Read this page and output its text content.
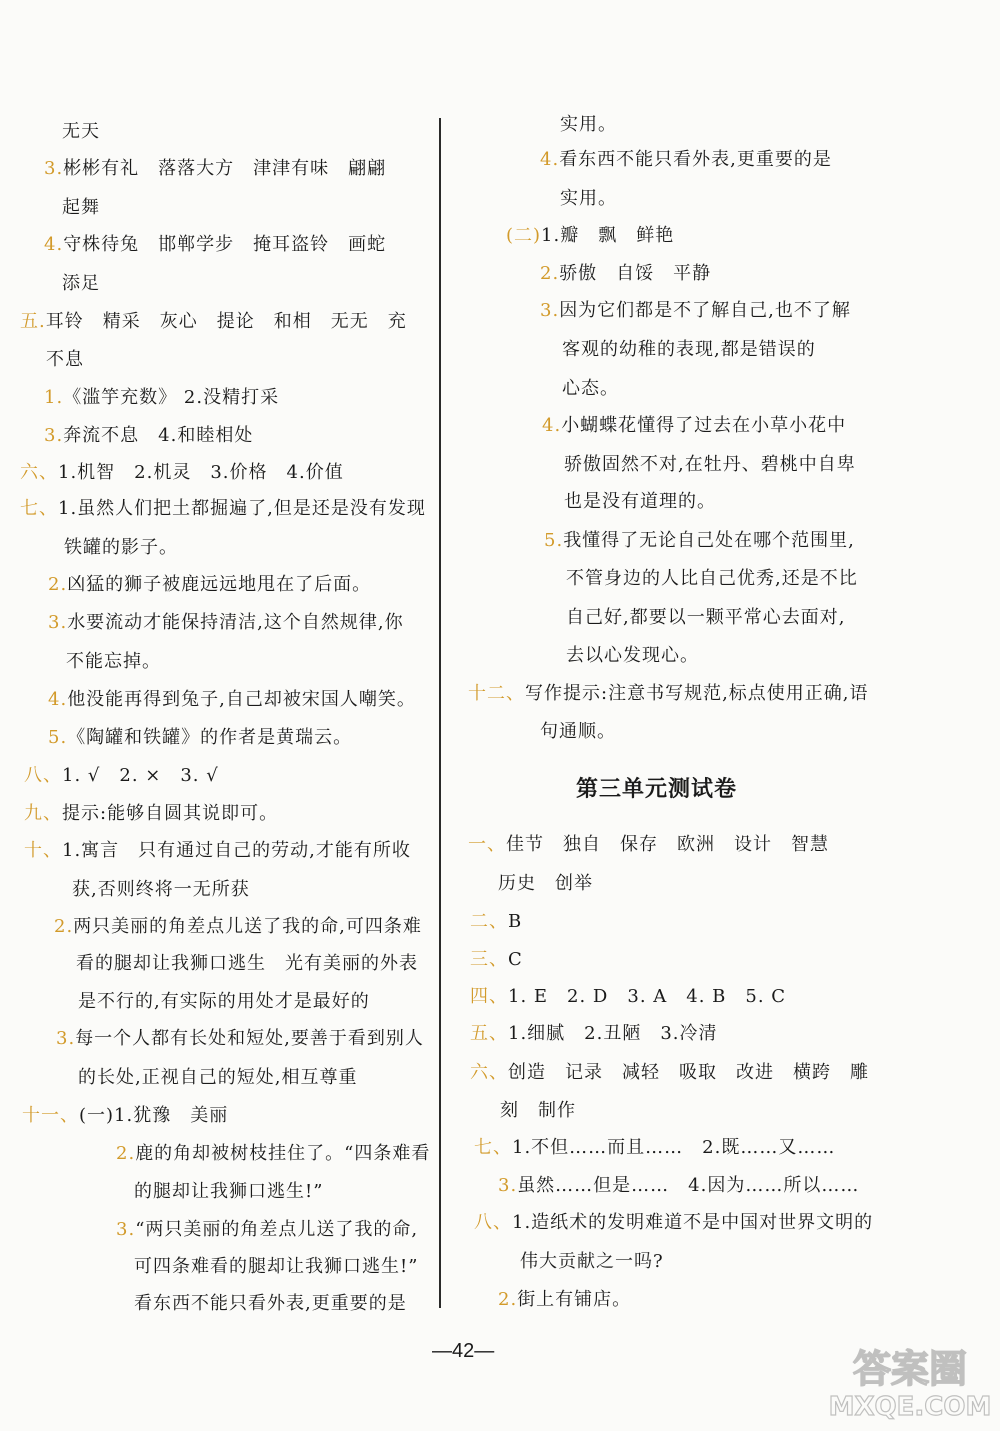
无天
3.彬彬有礼　落落大方　津津有味　翩翩
起舞
4.守株待兔　邯郸学步　掩耳盗铃　画蛇
添足
五.耳铃　精采　灰心　提论　和相　无无　充
不息
1.《滥竽充数》 2.没精打采
3.奔流不息　4.和睦相处
六、1.机智　2.机灵　3.价格　4.价值
七、1.虽然人们把土都掘遍了,但是还是没有发现
铁罐的影子。
2.凶猛的狮子被鹿远远地甩在了后面。
3.水要流动才能保持清洁,这个自然规律,你
不能忘掉。
4.他没能再得到兔子,自己却被宋国人嘲笑。
5.《陶罐和铁罐》的作者是黄瑞云。
八、1. √　2. ×　3. √
九、提示:能够自圆其说即可。
十、1.寓言　只有通过自己的劳动,才能有所收
获,否则终将一无所获
2.两只美丽的角差点儿送了我的命,可四条难
看的腿却让我狮口逃生　光有美丽的外表
是不行的,有实际的用处才是最好的
3.每一个人都有长处和短处,要善于看到别人
的长处,正视自己的短处,相互尊重
十一、(一)1.犹豫　美丽
2.鹿的角却被树枝挂住了。“四条难看
的腿却让我狮口逃生!”
3.“两只美丽的角差点儿送了我的命,
可四条难看的腿却让我狮口逃生!”
看东西不能只看外表,更重要的是
实用。
4.看东西不能只看外表,更重要的是
实用。
(二)1.瓣　飘　鲜艳
2.骄傲　自馁　平静
3.因为它们都是不了解自己,也不了解
客观的幼稚的表现,都是错误的
心态。
4.小蝴蝶花懂得了过去在小草小花中
骄傲固然不对,在牡丹、碧桃中自卑
也是没有道理的。
5.我懂得了无论自己处在哪个范围里,
不管身边的人比自己优秀,还是不比
自己好,都要以一颗平常心去面对,
去以心发现心。
十二、写作提示:注意书写规范,标点使用正确,语
句通顺。
第三单元测试卷
一、佳节　独自　保存　欧洲　设计　智慧
历史　创举
二、B
三、C
四、1. E　2. D　3. A　4. B　5. C
五、1.细腻　2.丑陋　3.冷清
六、创造　记录　减轻　吸取　改进　横跨　雕
刻　制作
七、1.不但……而且……　2.既……又……
3.虽然……但是……　4.因为……所以……
八、1.造纸术的发明难道不是中国对世界文明的
伟大贡献之一吗?
2.街上有铺店。
—42—	答案圈
MXQE.COM
